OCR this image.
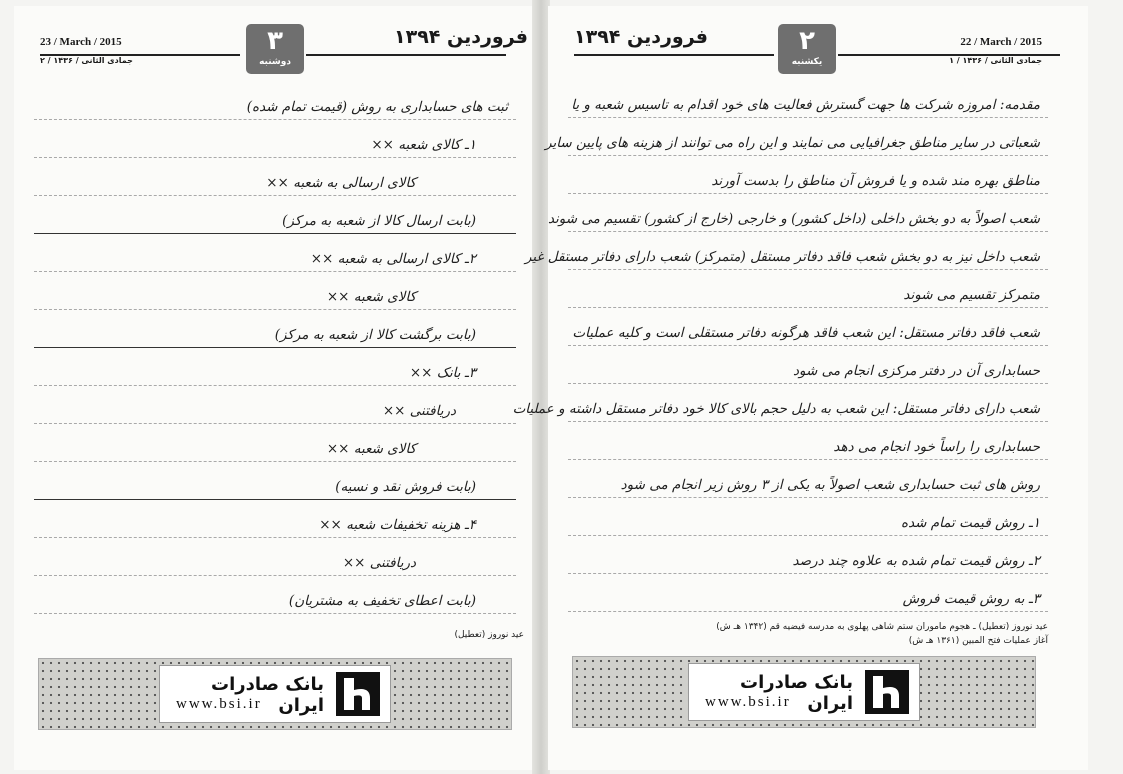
23 / March / 2015
۲ / جمادی الثانی / ۱۴۳۶
۳
دوشنبه
فروردین ۱۳۹۴
ثبت های حسابداری به روش (قیمت تمام شده)
۱ـ کالای شعبه ××
کالای ارسالی به شعبه ××
(بابت ارسال کالا از شعبه به مرکز)
۲ـ کالای ارسالی به شعبه ××
کالای شعبه ××
(بابت برگشت کالا از شعبه به مرکز)
۳ـ بانک ××
دریافتنی ××
کالای شعبه ××
(بابت فروش نقد و نسیه)
۴ـ هزینه تخفیفات شعبه ××
دریافتنی ××
(بابت اعطای تخفیف به مشتریان)
عید نوروز (تعطیل)
بانک صادرات ایران
www.bsi.ir
فروردین ۱۳۹۴	۲
یکشنبه
22 / March / 2015
۱ / جمادی الثانی / ۱۴۳۶
مقدمه: امروزه شرکت ها جهت گسترش فعالیت های خود اقدام به تاسیس شعبه و یا
شعباتی در سایر مناطق جغرافیایی می نمایند و این راه می توانند از هزینه های پایین سایر
مناطق بهره مند شده و یا فروش آن مناطق را بدست آورند
شعب اصولاً به دو بخش داخلی (داخل کشور) و خارجی (خارج از کشور) تقسیم می شوند
شعب داخل نیز به دو بخش شعب فاقد دفاتر مستقل (متمرکز) شعب دارای دفاتر مستقل غیر
متمرکز تقسیم می شوند
شعب فاقد دفاتر مستقل: این شعب فاقد هرگونه دفاتر مستقلی است و کلیه عملیات
حسابداری آن در دفتر مرکزی انجام می شود
شعب دارای دفاتر مستقل: این شعب به دلیل حجم بالای کالا خود دفاتر مستقل داشته و عملیات
حسابداری را راساً خود انجام می دهد
روش های ثبت حسابداری شعب اصولاً به یکی از ۳ روش زیر انجام می شود
۱ـ روش قیمت تمام شده
۲ـ روش قیمت تمام شده به علاوه چند درصد
۳ـ به روش قیمت فروش
عید نوروز (تعطیل) ـ هجوم ماموران ستم شاهی پهلوی به مدرسه فیضیه قم (۱۳۴۲ هـ ش)
آغاز عملیات فتح المبین (۱۳۶۱ هـ ش)
بانک صادرات ایران
www.bsi.ir
